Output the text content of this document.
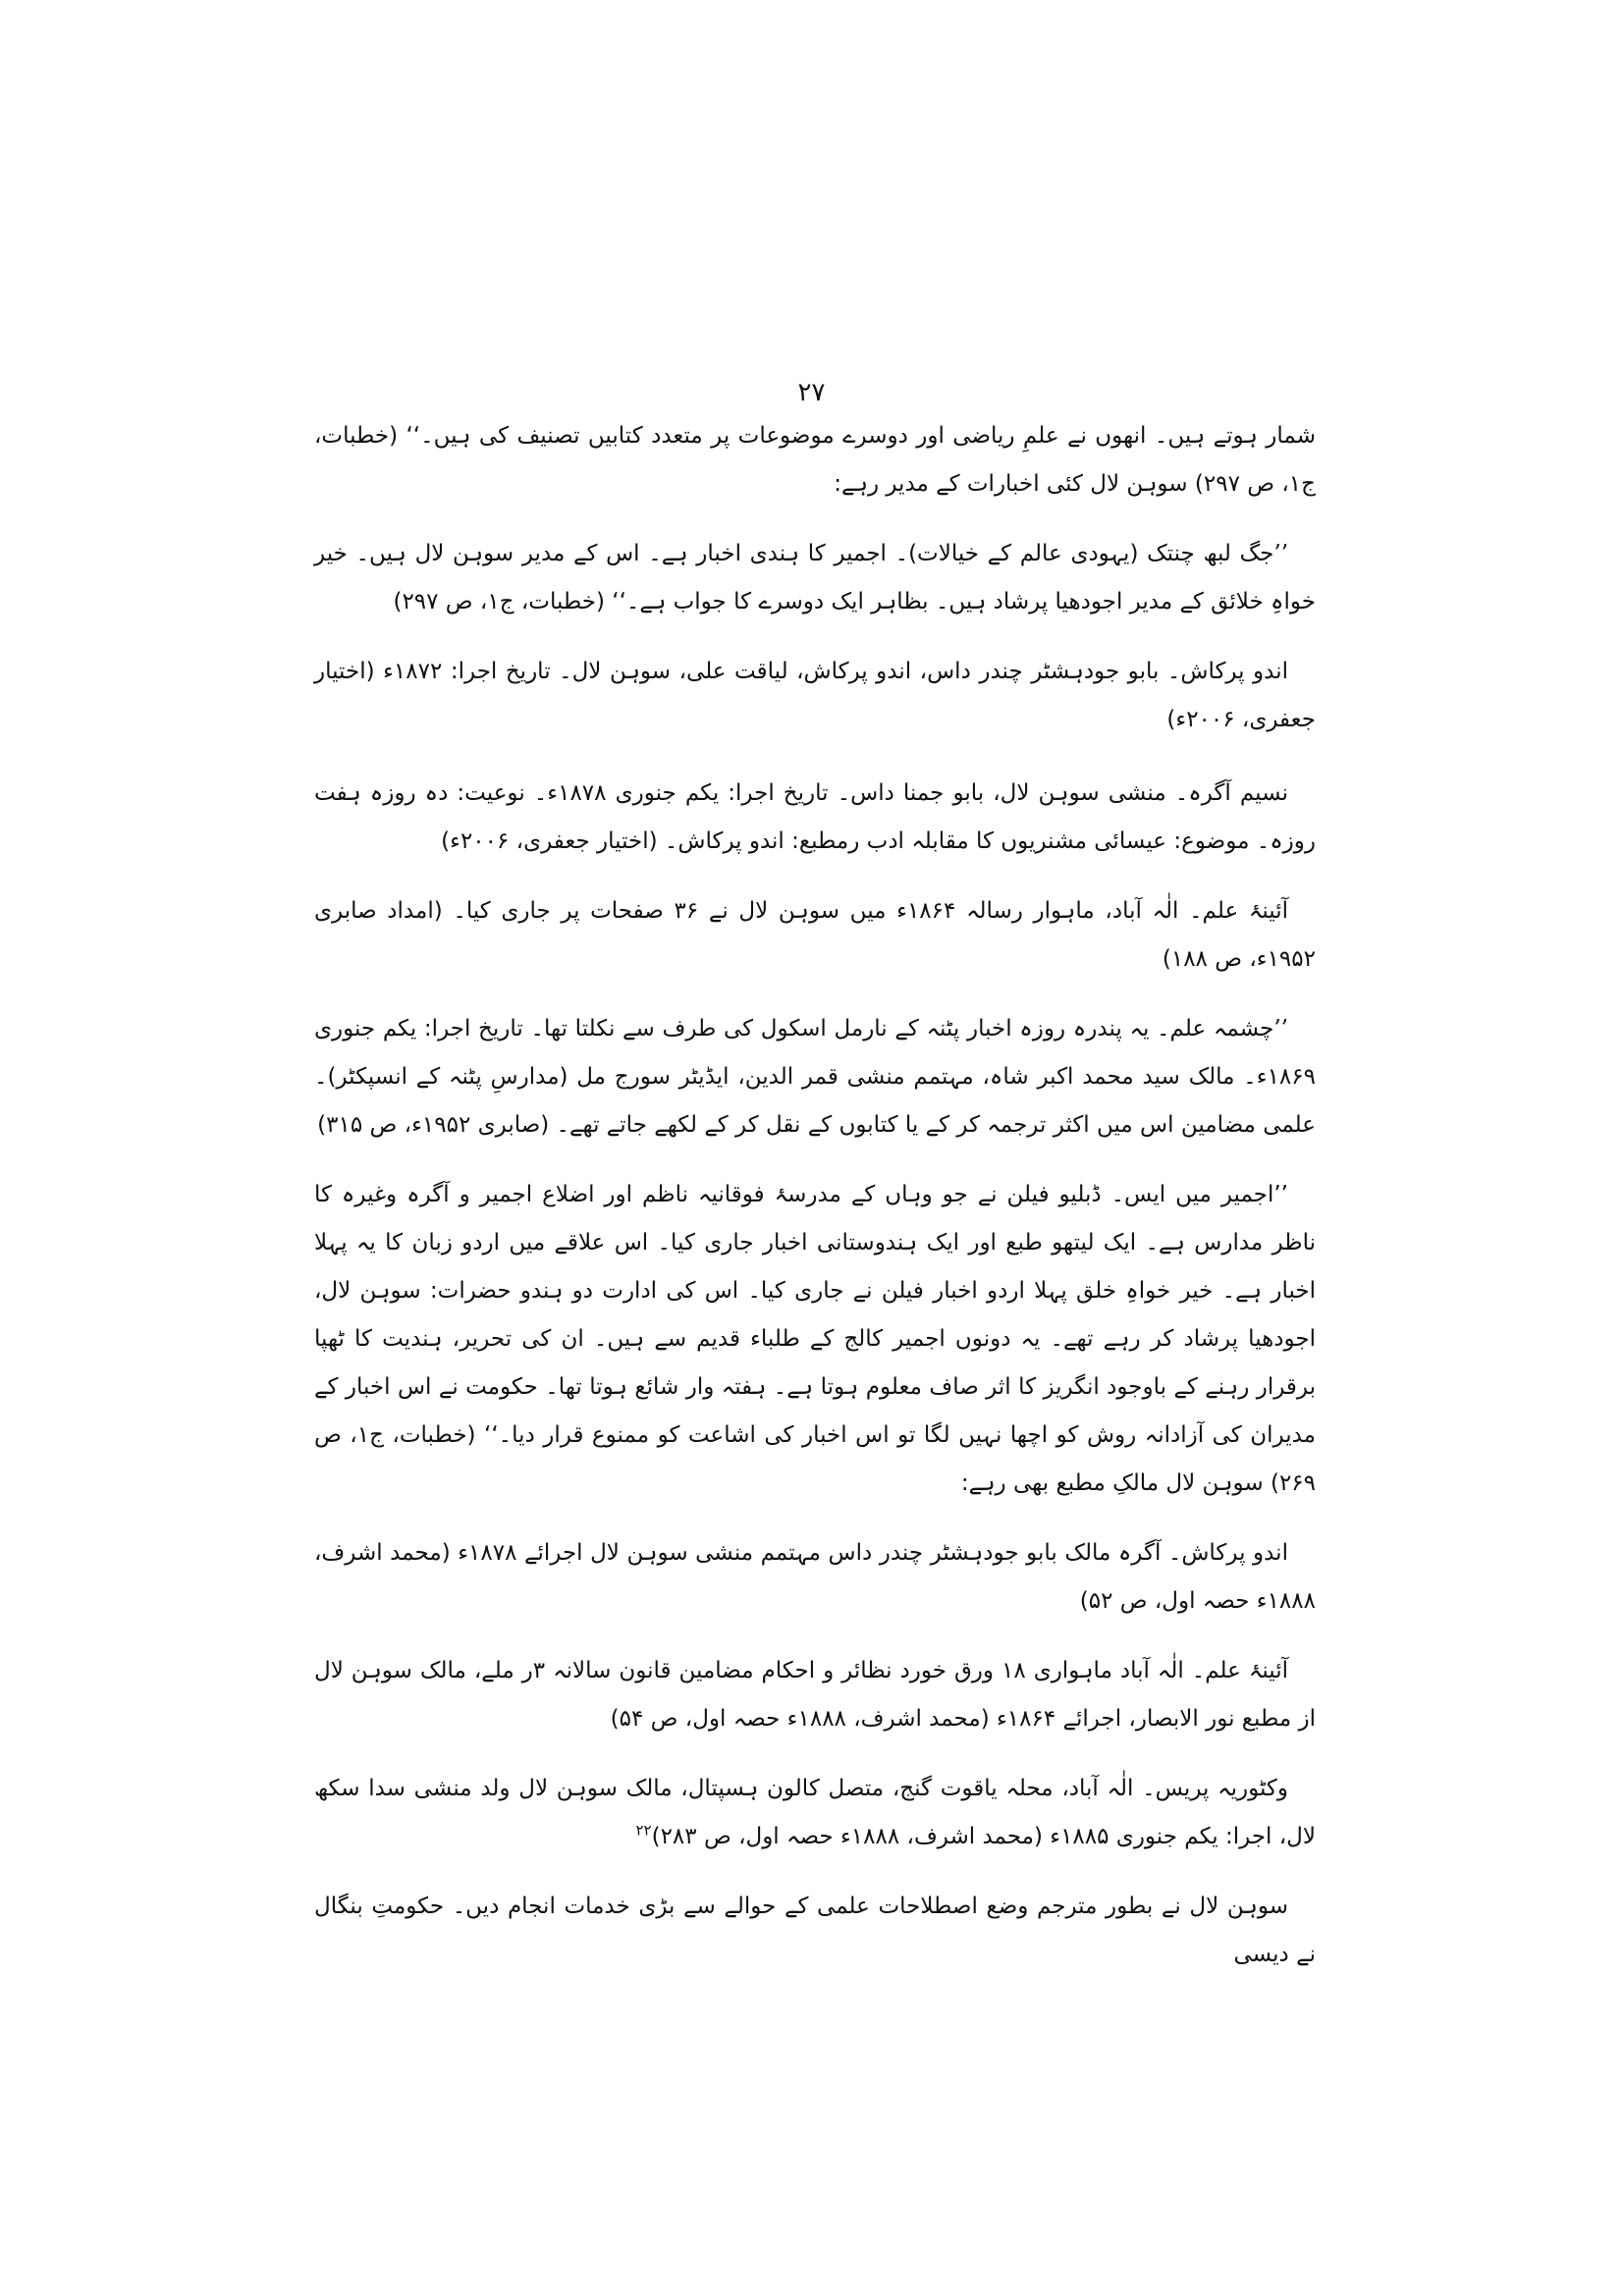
۲۷

شمار ہوتے ہیں۔ انھوں نے علمِ ریاضی اور دوسرے موضوعات پر متعدد کتابیں تصنیف کی ہیں۔‘‘ (خطبات، ج۱، ص ۲۹۷) سوہن لال کئی اخبارات کے مدیر رہے:

’’جگ لبھ چنتک (یہودی عالم کے خیالات)۔ اجمیر کا ہندی اخبار ہے۔ اس کے مدیر سوہن لال ہیں۔ خیر خواہِ خلائق کے مدیر اجودھیا پرشاد ہیں۔ بظاہر ایک دوسرے کا جواب ہے۔‘‘ (خطبات، ج۱، ص ۲۹۷)

اندو پرکاش۔ بابو جودہشٹر چندر داس، اندو پرکاش، لیاقت علی، سوہن لال۔ تاریخ اجرا: ۱۸۷۲ء (اختیار جعفری، ۲۰۰۶ء)

نسیم آگرہ۔ منشی سوہن لال، بابو جمنا داس۔ تاریخ اجرا: یکم جنوری ۱۸۷۸ء۔ نوعیت: دہ روزہ ہفت روزہ۔ موضوع: عیسائی مشنریوں کا مقابلہ ادب رمطبع: اندو پرکاش۔ (اختیار جعفری، ۲۰۰۶ء)

آئینۂ علم۔ الٰہ آباد، ماہوار رسالہ ۱۸۶۴ء میں سوہن لال نے ۳۶ صفحات پر جاری کیا۔ (امداد صابری ۱۹۵۲ء، ص ۱۸۸)

’’چشمہ علم۔ یہ پندرہ روزہ اخبار پٹنہ کے نارمل اسکول کی طرف سے نکلتا تھا۔ تاریخ اجرا: یکم جنوری ۱۸۶۹ء۔ مالک سید محمد اکبر شاہ، مہتمم منشی قمر الدین، ایڈیٹر سورج مل (مدارسِ پٹنہ کے انسپکٹر)۔ علمی مضامین اس میں اکثر ترجمہ کر کے یا کتابوں کے نقل کر کے لکھے جاتے تھے۔ (صابری ۱۹۵۲ء، ص ۳۱۵)

’’اجمیر میں ایس۔ ڈبلیو فیلن نے جو وہاں کے مدرسۂ فوقانیہ ناظم اور اضلاع اجمیر و آگرہ وغیرہ کا ناظر مدارس ہے۔ ایک لیتھو طبع اور ایک ہندوستانی اخبار جاری کیا۔ اس علاقے میں اردو زبان کا یہ پہلا اخبار ہے۔ خیر خواہِ خلق پہلا اردو اخبار فیلن نے جاری کیا۔ اس کی ادارت دو ہندو حضرات: سوہن لال، اجودھیا پرشاد کر رہے تھے۔ یہ دونوں اجمیر کالج کے طلباء قدیم سے ہیں۔ ان کی تحریر، ہندیت کا ٹھپا برقرار رہنے کے باوجود انگریز کا اثر صاف معلوم ہوتا ہے۔ ہفتہ وار شائع ہوتا تھا۔ حکومت نے اس اخبار کے مدیران کی آزادانہ روش کو اچھا نہیں لگا تو اس اخبار کی اشاعت کو ممنوع قرار دیا۔‘‘ (خطبات، ج۱، ص ۲۶۹) سوہن لال مالکِ مطبع بھی رہے:

اندو پرکاش۔ آگرہ مالک بابو جودہشٹر چندر داس مہتمم منشی سوہن لال اجرائے ۱۸۷۸ء (محمد اشرف، ۱۸۸۸ء حصہ اول، ص ۵۲)

آئینۂ علم۔ الٰہ آباد ماہواری ۱۸ ورق خورد نظائر و احکام مضامین قانون سالانہ ۳ر ملے، مالک سوہن لال از مطبع نور الابصار، اجرائے ۱۸۶۴ء (محمد اشرف، ۱۸۸۸ء حصہ اول، ص ۵۴)

وکٹوریہ پریس۔ الٰہ آباد، محلہ یاقوت گنج، متصل کالون ہسپتال، مالک سوہن لال ولد منشی سدا سکھ لال، اجرا: یکم جنوری ۱۸۸۵ء (محمد اشرف، ۱۸۸۸ء حصہ اول، ص ۲۸۳)$^{۲۲}$

سوہن لال نے بطور مترجم وضع اصطلاحات علمی کے حوالے سے بڑی خدمات انجام دیں۔ حکومتِ بنگال نے دیسی
